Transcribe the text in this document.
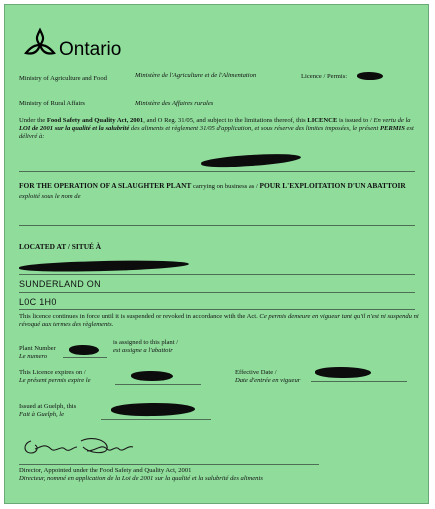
Ontario
Ministry of Agriculture and Food	Ministère de l'Agriculture et de l'Alimentation	Licence / Permis:
Ministry of Rural Affairs	Ministère des Affaires rurales
Under the Food Safety and Quality Act, 2001, and O Reg. 31/05, and subject to the limitations thereof, this LICENCE is issued to / En vertu de la LOI de 2001 sur la qualité et la salubrité des aliments et règlement 31/05 d'application, et sous réserve des limites imposées, le présent PERMIS est délivré à:
FOR THE OPERATION OF A SLAUGHTER PLANT carrying on business as / POUR L'EXPLOITATION D'UN ABATTOIR exploité sous le nom de
LOCATED AT / SITUÉ À
SUNDERLAND ON
L0C 1H0
This licence continues in force until it is suspended or revoked in accordance with the Act. Ce permis demeure en vigueur tant qu'il n'est ni suspendu ni révoqué aux termes des règlements.
Plant Number
Le numero
is assigned to this plant /
est assigne a l'abattoir
This Licence expires on /
Le présent permis expire le
Effective Date /
Date d'entrée en vigueur
Issued at Guelph, this
Fait à Guelph, le
Director, Appointed under the Food Safety and Quality Act, 2001
Directeur, nommé en application de la Loi de 2001 sur la qualité et la salubrité des aliments
